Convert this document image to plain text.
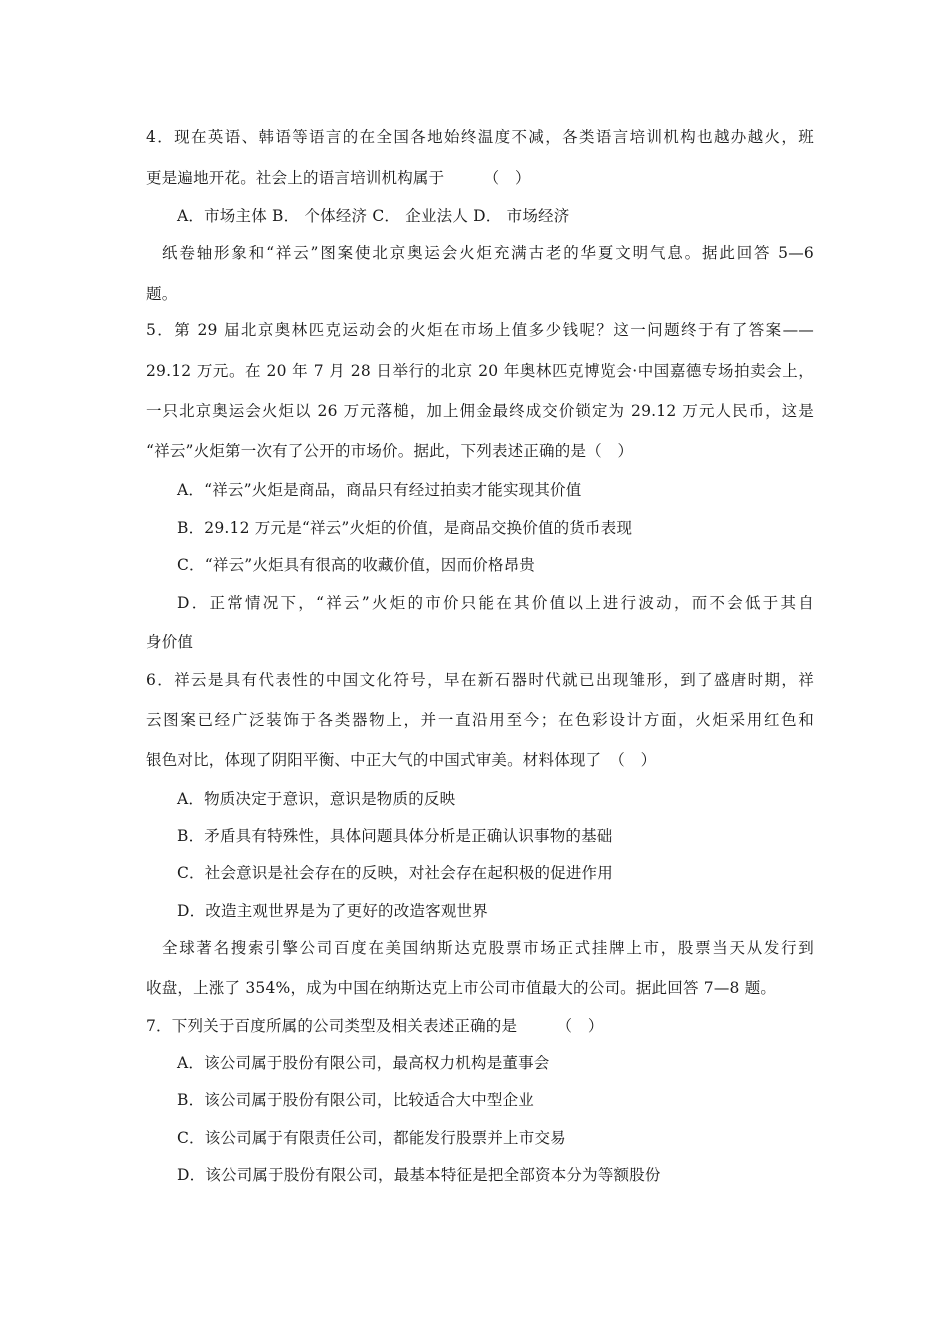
4．现在英语、韩语等语言的在全国各地始终温度不减，各类语言培训机构也越办越火，班
更是遍地开花。社会上的语言培训机构属于　　　（　）
A．市场主体 B． 个体经济 C． 企业法人 D． 市场经济
纸卷轴形象和“祥云”图案使北京奥运会火炬充满古老的华夏文明气息。据此回答 5—6
题。
5．第 29 届北京奥林匹克运动会的火炬在市场上值多少钱呢？这一问题终于有了答案——
29.12 万元。在 20 年 7 月 28 日举行的北京 20 年奥林匹克博览会·中国嘉德专场拍卖会上，
一只北京奥运会火炬以 26 万元落槌，加上佣金最终成交价锁定为 29.12 万元人民币，这是
“祥云”火炬第一次有了公开的市场价。据此，下列表述正确的是（　）
A．“祥云”火炬是商品，商品只有经过拍卖才能实现其价值
B．29.12 万元是“祥云”火炬的价值，是商品交换价值的货币表现
C．“祥云”火炬具有很高的收藏价值，因而价格昂贵
D．正常情况下，“祥云”火炬的市价只能在其价值以上进行波动，而不会低于其自
身价值
6．祥云是具有代表性的中国文化符号，早在新石器时代就已出现雏形，到了盛唐时期，祥
云图案已经广泛装饰于各类器物上，并一直沿用至今；在色彩设计方面，火炬采用红色和
银色对比，体现了阴阳平衡、中正大气的中国式审美。材料体现了　（　）
A．物质决定于意识，意识是物质的反映
B．矛盾具有特殊性，具体问题具体分析是正确认识事物的基础
C．社会意识是社会存在的反映，对社会存在起积极的促进作用
D．改造主观世界是为了更好的改造客观世界
全球著名搜索引擎公司百度在美国纳斯达克股票市场正式挂牌上市，股票当天从发行到
收盘，上涨了 354%，成为中国在纳斯达克上市公司市值最大的公司。据此回答 7—8 题。
7．下列关于百度所属的公司类型及相关表述正确的是　　　（　）
A．该公司属于股份有限公司，最高权力机构是董事会
B．该公司属于股份有限公司，比较适合大中型企业
C．该公司属于有限责任公司，都能发行股票并上市交易
D．该公司属于股份有限公司，最基本特征是把全部资本分为等额股份
